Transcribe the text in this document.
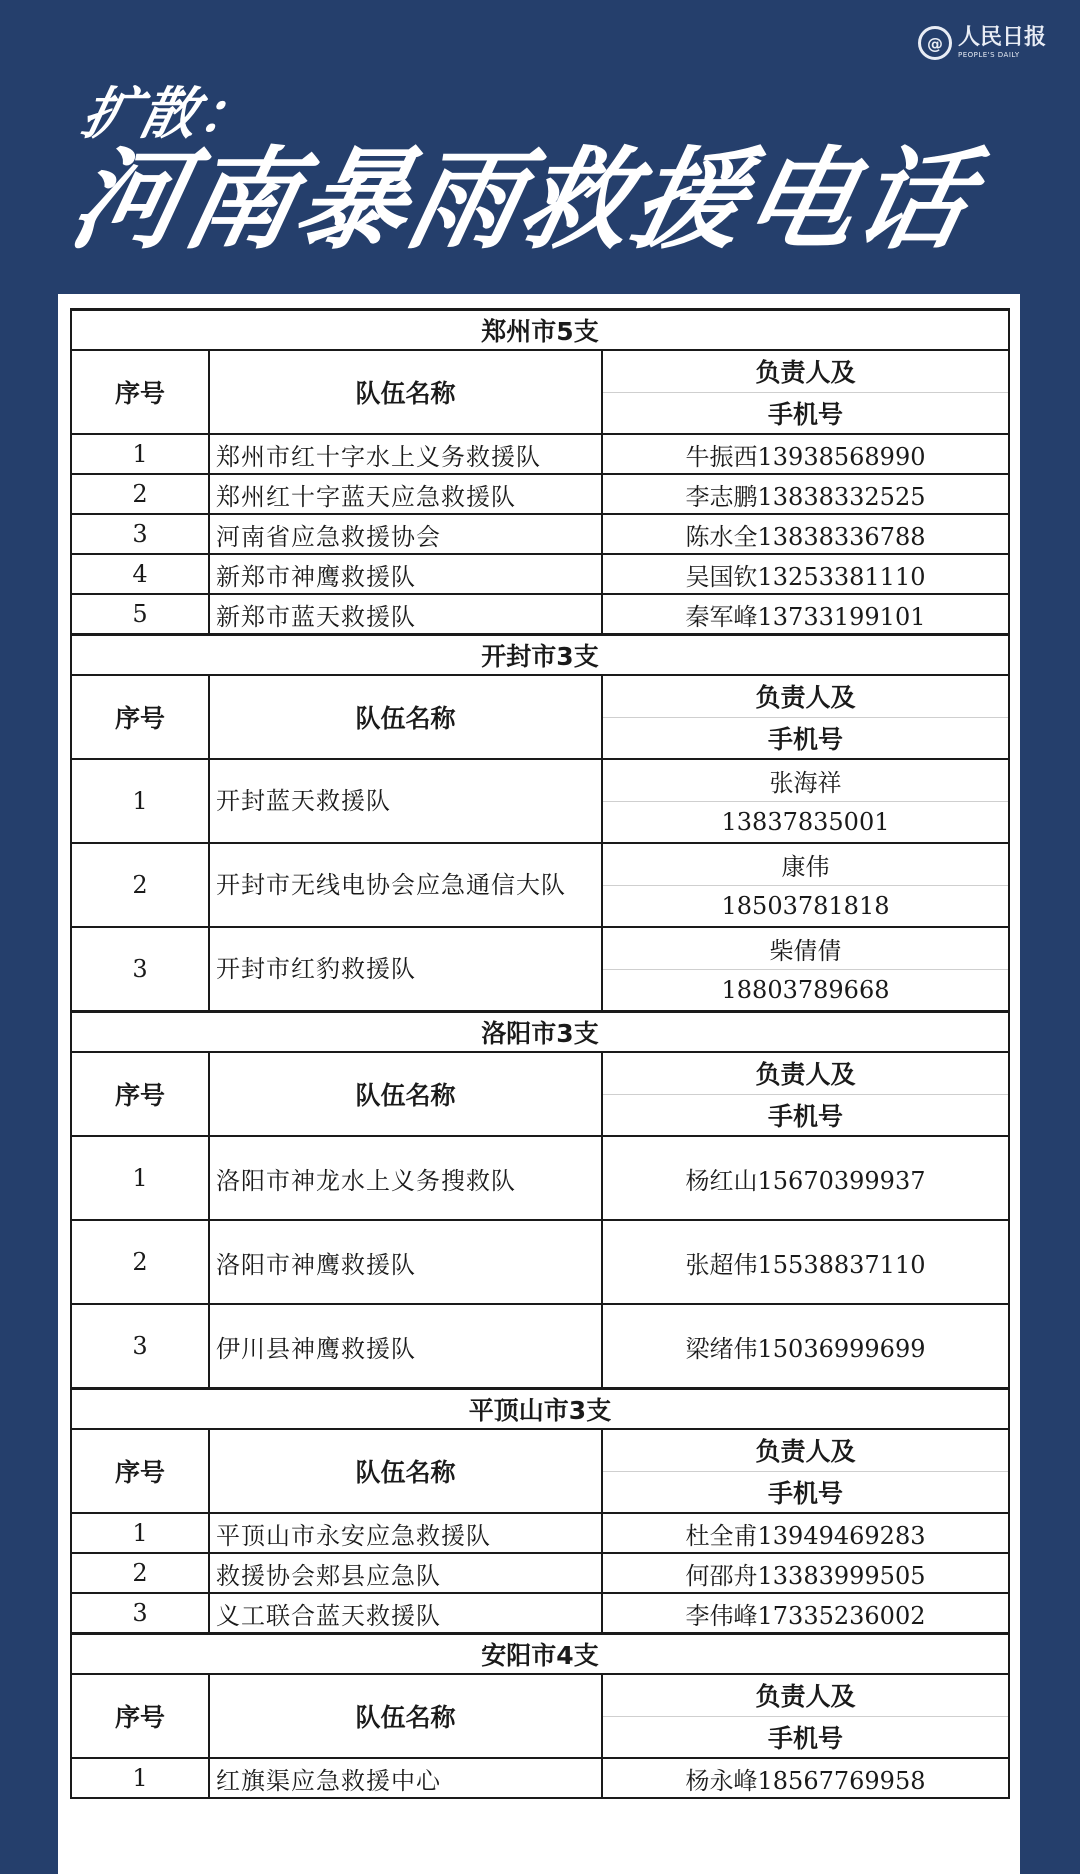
@ 人民日报
PEOPLE'S DAILY
扩散：
河南暴雨救援电话
郑州市5支		
序号	队伍名称	负责人及
手机号

1	郑州市红十字水上义务救援队	牛振西13938568990
2	郑州红十字蓝天应急救援队	李志鹏13838332525
3	河南省应急救援协会	陈水全13838336788
4	新郑市神鹰救援队	吴国钦13253381110
5	新郑市蓝天救援队	秦军峰13733199101
开封市3支		
序号	队伍名称	负责人及
手机号

1	开封蓝天救援队	张海祥
13837835001

2	开封市无线电协会应急通信大队	康伟
18503781818

3	开封市红豹救援队	柴倩倩
18803789668

洛阳市3支		
序号	队伍名称	负责人及
手机号

1	洛阳市神龙水上义务搜救队	杨红山15670399937
2	洛阳市神鹰救援队	张超伟15538837110
3	伊川县神鹰救援队	梁绪伟15036999699
平顶山市3支		
序号	队伍名称	负责人及
手机号

1	平顶山市永安应急救援队	杜全甫13949469283
2	救援协会郏县应急队	何邵舟13383999505
3	义工联合蓝天救援队	李伟峰17335236002
安阳市4支		
序号	队伍名称	负责人及
手机号

1	红旗渠应急救援中心	杨永峰18567769958
